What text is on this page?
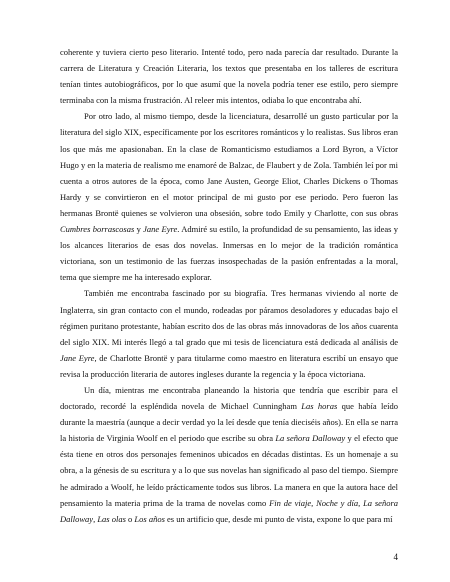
coherente y tuviera cierto peso literario. Intenté todo, pero nada parecía dar resultado. Durante la carrera de Literatura y Creación Literaria, los textos que presentaba en los talleres de escritura tenían tintes autobiográficos, por lo que asumí que la novela podría tener ese estilo, pero siempre terminaba con la misma frustración. Al releer mis intentos, odiaba lo que encontraba ahí.

Por otro lado, al mismo tiempo, desde la licenciatura, desarrollé un gusto particular por la literatura del siglo XIX, específicamente por los escritores románticos y lo realistas. Sus libros eran los que más me apasionaban. En la clase de Romanticismo estudiamos a Lord Byron, a Víctor Hugo y en la materia de realismo me enamoré de Balzac, de Flaubert y de Zola. También leí por mi cuenta a otros autores de la época, como Jane Austen, George Eliot, Charles Dickens o Thomas Hardy y se convirtieron en el motor principal de mi gusto por ese periodo. Pero fueron las hermanas Brontë quienes se volvieron una obsesión, sobre todo Emily y Charlotte, con sus obras Cumbres borrascosas y Jane Eyre. Admiré su estilo, la profundidad de su pensamiento, las ideas y los alcances literarios de esas dos novelas. Inmersas en lo mejor de la tradición romántica victoriana, son un testimonio de las fuerzas insospechadas de la pasión enfrentadas a la moral, tema que siempre me ha interesado explorar.

También me encontraba fascinado por su biografía. Tres hermanas viviendo al norte de Inglaterra, sin gran contacto con el mundo, rodeadas por páramos desoladores y educadas bajo el régimen puritano protestante, habían escrito dos de las obras más innovadoras de los años cuarenta del siglo XIX. Mi interés llegó a tal grado que mi tesis de licenciatura está dedicada al análisis de Jane Eyre, de Charlotte Brontë y para titularme como maestro en literatura escribí un ensayo que revisa la producción literaria de autores ingleses durante la regencia y la época victoriana.

Un día, mientras me encontraba planeando la historia que tendría que escribir para el doctorado, recordé la espléndida novela de Michael Cunningham Las horas que había leído durante la maestría (aunque a decir verdad yo la leí desde que tenía dieciséis años). En ella se narra la historia de Virginia Woolf en el periodo que escribe su obra La señora Dalloway y el efecto que ésta tiene en otros dos personajes femeninos ubicados en décadas distintas. Es un homenaje a su obra, a la génesis de su escritura y a lo que sus novelas han significado al paso del tiempo. Siempre he admirado a Woolf, he leído prácticamente todos sus libros. La manera en que la autora hace del pensamiento la materia prima de la trama de novelas como Fin de viaje, Noche y día, La señora Dalloway, Las olas o Los años es un artificio que, desde mi punto de vista, expone lo que para mí

4
